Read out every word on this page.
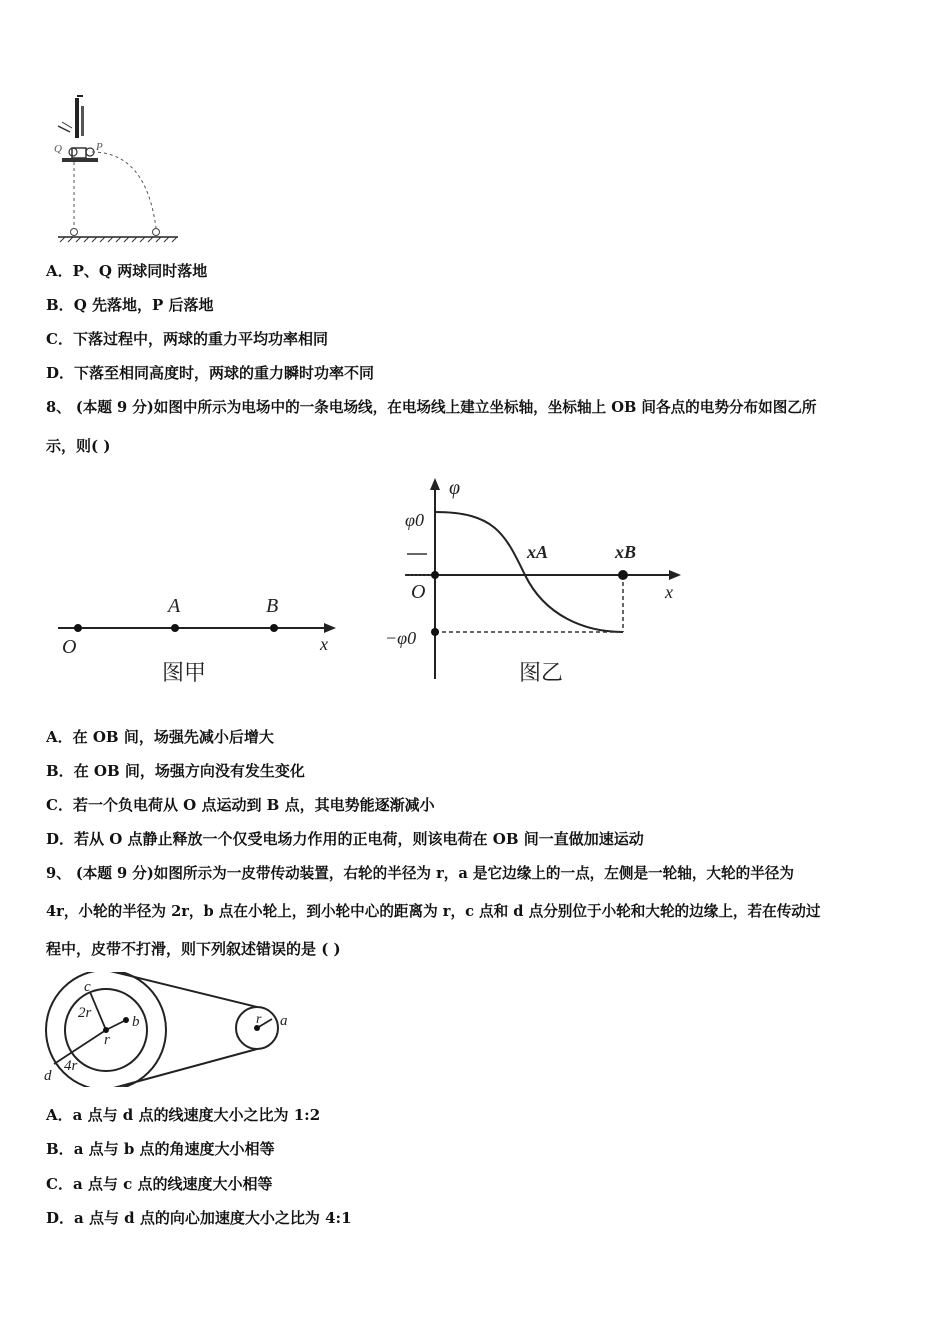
Q	P
A．P、Q 两球同时落地
B．Q 先落地，P 后落地
C．下落过程中，两球的重力平均功率相同
D．下落至相同高度时，两球的重力瞬时功率不同
8、 (本题 9 分)如图中所示为电场中的一条电场线，在电场线上建立坐标轴，坐标轴上 OB 间各点的电势分布如图乙所
示，则( )
O
A	B
x
图甲
φ
φ0
O
xA	xB
x
−φ0
图乙
A．在 OB 间，场强先减小后增大
B．在 OB 间，场强方向没有发生变化
C．若一个负电荷从 O 点运动到 B 点，其电势能逐渐减小
D．若从 O 点静止释放一个仅受电场力作用的正电荷，则该电荷在 OB 间一直做加速运动
9、 (本题 9 分)如图所示为一皮带传动装置，右轮的半径为 r，a 是它边缘上的一点，左侧是一轮轴，大轮的半径为
4r，小轮的半径为 2r，b 点在小轮上，到小轮中心的距离为 r，c 点和 d 点分别位于小轮和大轮的边缘上，若在传动过
程中，皮带不打滑，则下列叙述错误的是 ( )
c
2r
b
r
d
4r
r a
A．a 点与 d 点的线速度大小之比为 1:2
B．a 点与 b 点的角速度大小相等
C．a 点与 c 点的线速度大小相等
D．a 点与 d 点的向心加速度大小之比为 4:1
